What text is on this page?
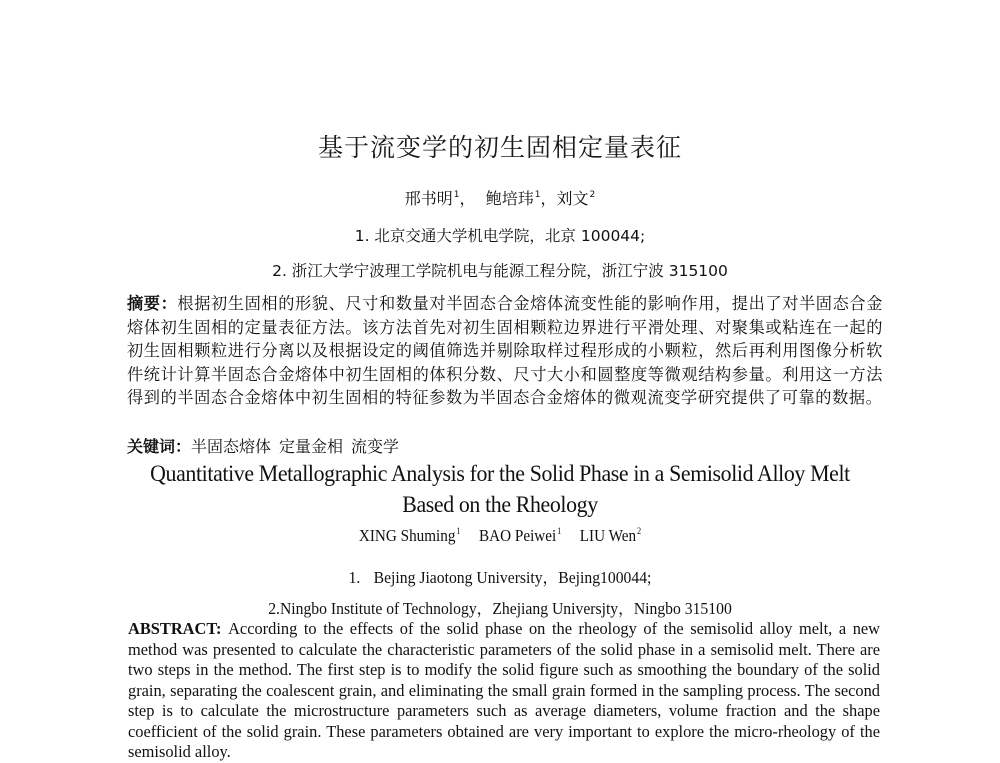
基于流变学的初生固相定量表征
邢书明$^1$， 鲍培玮$^1$，刘文$^2$
1. 北京交通大学机电学院，北京 100044;
2. 浙江大学宁波理工学院机电与能源工程分院，浙江宁波 315100
摘要：根据初生固相的形貌、尺寸和数量对半固态合金熔体流变性能的影响作用，提出了对半固态合金熔体初生固相的定量表征方法。该方法首先对初生固相颗粒边界进行平滑处理、对聚集或粘连在一起的初生固相颗粒进行分离以及根据设定的阈值筛选并剔除取样过程形成的小颗粒，然后再利用图像分析软件统计计算半固态合金熔体中初生固相的体积分数、尺寸大小和圆整度等微观结构参量。利用这一方法得到的半固态合金熔体中初生固相的特征参数为半固态合金熔体的微观流变学研究提供了可靠的数据。
关键词：半固态熔体 定量金相 流变学
Quantitative Metallographic Analysis for the Solid Phase in a Semisolid Alloy Melt Based on the Rheology
XING Shuming$^1$ BAO Peiwei$^1$ LIU Wen$^2$
1. Bejing Jiaotong University，Bejing100044;
2.Ningbo Institute of Technology，Zhejiang Universjty，Ningbo 315100
ABSTRACT: According to the effects of the solid phase on the rheology of the semisolid alloy melt, a new method was presented to calculate the characteristic parameters of the solid phase in a semisolid melt. There are two steps in the method. The first step is to modify the solid figure such as smoothing the boundary of the solid grain, separating the coalescent grain, and eliminating the small grain formed in the sampling process. The second step is to calculate the microstructure parameters such as average diameters, volume fraction and the shape coefficient of the solid grain. These parameters obtained are very important to explore the micro-rheology of the semisolid alloy.
